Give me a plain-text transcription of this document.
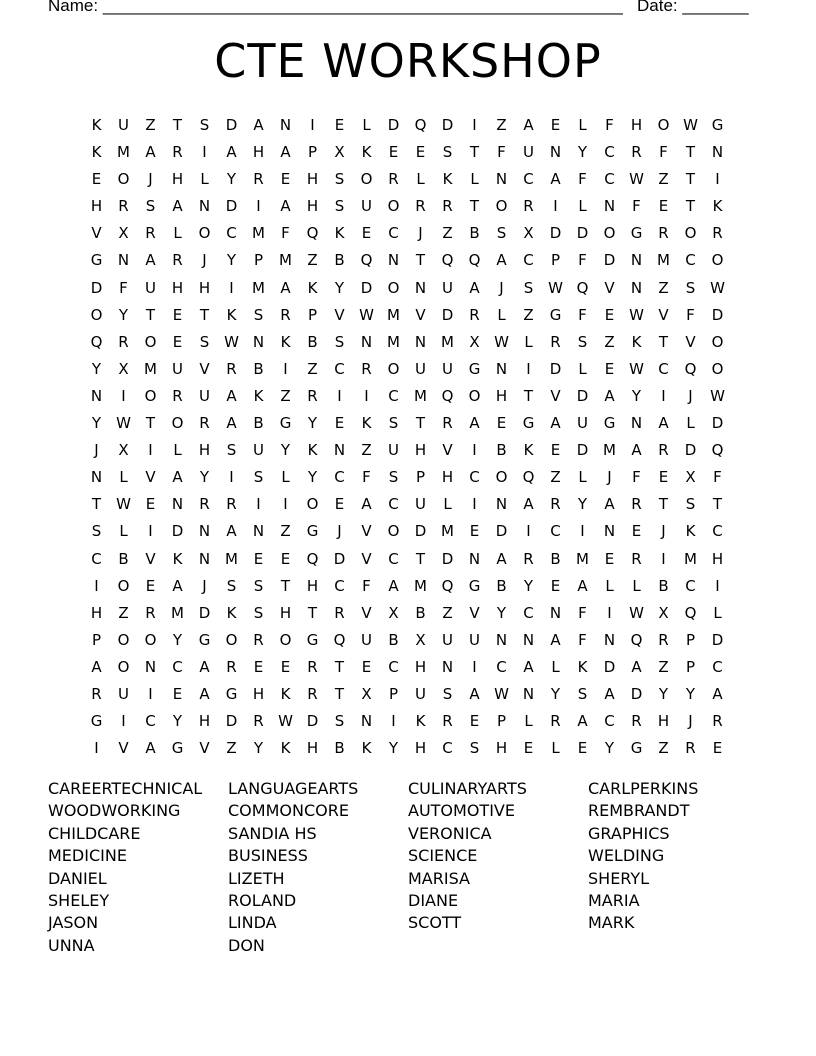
Name: _______________________________________________________ Date: _______
CTE WORKSHOP
K	U	Z	T	S	D	A	N	I	E	L	D	Q	D	I	Z	A	E	L	F	H	O W G
K	M	A	R	I	A	H	A	P	X	K	E	E	S	T	F	U	N	Y	C	R	F	T	N
E	O	J	H	L	Y	R	E	H	S	O	R	L	K	L	N	C	A	F	C W Z	T	I
H	R	S	A	N	D	I	A	H	S	U	O	R	R	T	O	R	I	L	N	F	E	T	K
V	X	R	L	O	C	M	F	Q	K	E	C	J	Z	B	S	X	D	D	O	G	R	O	R
G	N	A	R	J	Y	P	M	Z	B	Q	N	T	Q	Q	A	C	P	F	D	N M	C	O
D	F	U	H	H	I	M	A	K	Y	D	O	N	U	A	J	S W Q	V	N	Z	S W
O	Y	T	E	T	K	S	R	P	V W M	V	D	R	L	Z	G	F	E W V	F	D
Q	R	O	E	S W N	K	B	S	N M N M	X W	L	R	S	Z	K	T	V	O
Y	X	M	U	V	R	B	I	Z	C	R	O	U	U	G	N	I	D	L	E W C	Q	O
N	I	O	R	U	A	K	Z	R	I	I	C	M Q	O	H	T	V	D	A	Y	I	J	W
Y	W T	O	R	A	B	G	Y	E	K	S	T	R	A	E	G	A	U	G	N	A	L	D
J	X	I	L	H	S	U	Y	K	N	Z	U	H	V	I	B	K	E	D M	A	R	D	Q
N	L	V	A	Y	I	S	L	Y	C	F	S	P	H	C	O	Q	Z	L	J	F	E	X	F
T	W E	N	R	R	I	I	O	E	A	C	U	L	I	N	A	R	Y	A	R	T	S	T
S	L	I	D	N	A	N	Z	G	J	V	O	D M	E	D	I	C	I	N	E	J	K	C
C	B	V	K	N M	E	E	Q	D	V	C	T	D	N	A	R	B	M	E	R	I	M H
I	O	E	A	J	S	S	T	H	C	F	A	M Q	G	B	Y	E	A	L	L	B	C	I
H	Z	R	M D	K	S	H	T	R	V	X	B	Z	V	Y	C	N	F	I	W X	Q	L
P	O	O	Y	G	O	R	O	G	Q	U	B	X	U	U	N	N	A	F	N	Q	R	P	D
A	O	N	C	A	R	E	E	R	T	E	C	H	N	I	C	A	L	K	D	A	Z	P	C
R	U	I	E	A	G	H	K	R	T	X	P	U	S	A W N	Y	S	A	D	Y	Y	A
G	I	C	Y	H	D	R W D	S	N	I	K	R	E	P	L	R	A	C	R	H	J	R
I	V	A	G	V	Z	Y	K	H	B	K	Y	H	C	S	H	E	L	E	Y	G	Z	R	E
CAREERTECHNICAL	LANGUAGEARTS	CULINARYARTS	CARLPERKINS
WOODWORKING	COMMONCORE	AUTOMOTIVE	REMBRANDT
CHILDCARE	SANDIA HS	VERONICA	GRAPHICS
MEDICINE	BUSINESS	SCIENCE	WELDING
DANIEL	LIZETH	MARISA	SHERYL
SHELEY	ROLAND	DIANE	MARIA
JASON	LINDA	SCOTT	MARK
UNNA	DON
